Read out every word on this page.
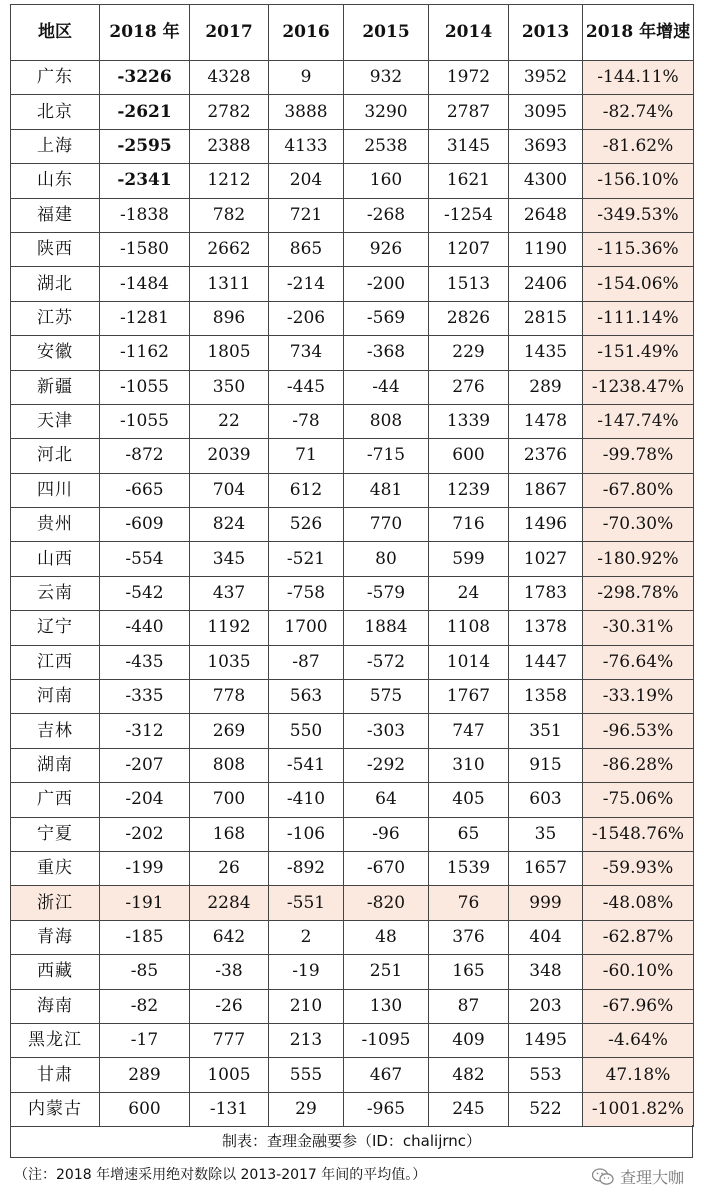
地区	2018 年	2017	2016	2015	2014	2013	2018 年增速
广东	-3226	4328	9	932	1972	3952	-144.11%
北京	-2621	2782	3888	3290	2787	3095	-82.74%
上海	-2595	2388	4133	2538	3145	3693	-81.62%
山东	-2341	1212	204	160	1621	4300	-156.10%
福建	-1838	782	721	-268	-1254	2648	-349.53%
陕西	-1580	2662	865	926	1207	1190	-115.36%
湖北	-1484	1311	-214	-200	1513	2406	-154.06%
江苏	-1281	896	-206	-569	2826	2815	-111.14%
安徽	-1162	1805	734	-368	229	1435	-151.49%
新疆	-1055	350	-445	-44	276	289	-1238.47%
天津	-1055	22	-78	808	1339	1478	-147.74%
河北	-872	2039	71	-715	600	2376	-99.78%
四川	-665	704	612	481	1239	1867	-67.80%
贵州	-609	824	526	770	716	1496	-70.30%
山西	-554	345	-521	80	599	1027	-180.92%
云南	-542	437	-758	-579	24	1783	-298.78%
辽宁	-440	1192	1700	1884	1108	1378	-30.31%
江西	-435	1035	-87	-572	1014	1447	-76.64%
河南	-335	778	563	575	1767	1358	-33.19%
吉林	-312	269	550	-303	747	351	-96.53%
湖南	-207	808	-541	-292	310	915	-86.28%
广西	-204	700	-410	64	405	603	-75.06%
宁夏	-202	168	-106	-96	65	35	-1548.76%
重庆	-199	26	-892	-670	1539	1657	-59.93%
浙江	-191	2284	-551	-820	76	999	-48.08%
青海	-185	642	2	48	376	404	-62.87%
西藏	-85	-38	-19	251	165	348	-60.10%
海南	-82	-26	210	130	87	203	-67.96%
黑龙江	-17	777	213	-1095	409	1495	-4.64%
甘肃	289	1005	555	467	482	553	47.18%
内蒙古	600	-131	29	-965	245	522	-1001.82%
制表：查理金融要参（ID：chalijrnc）
（注：2018 年增速采用绝对数除以 2013-2017 年间的平均值。）	查理大咖
